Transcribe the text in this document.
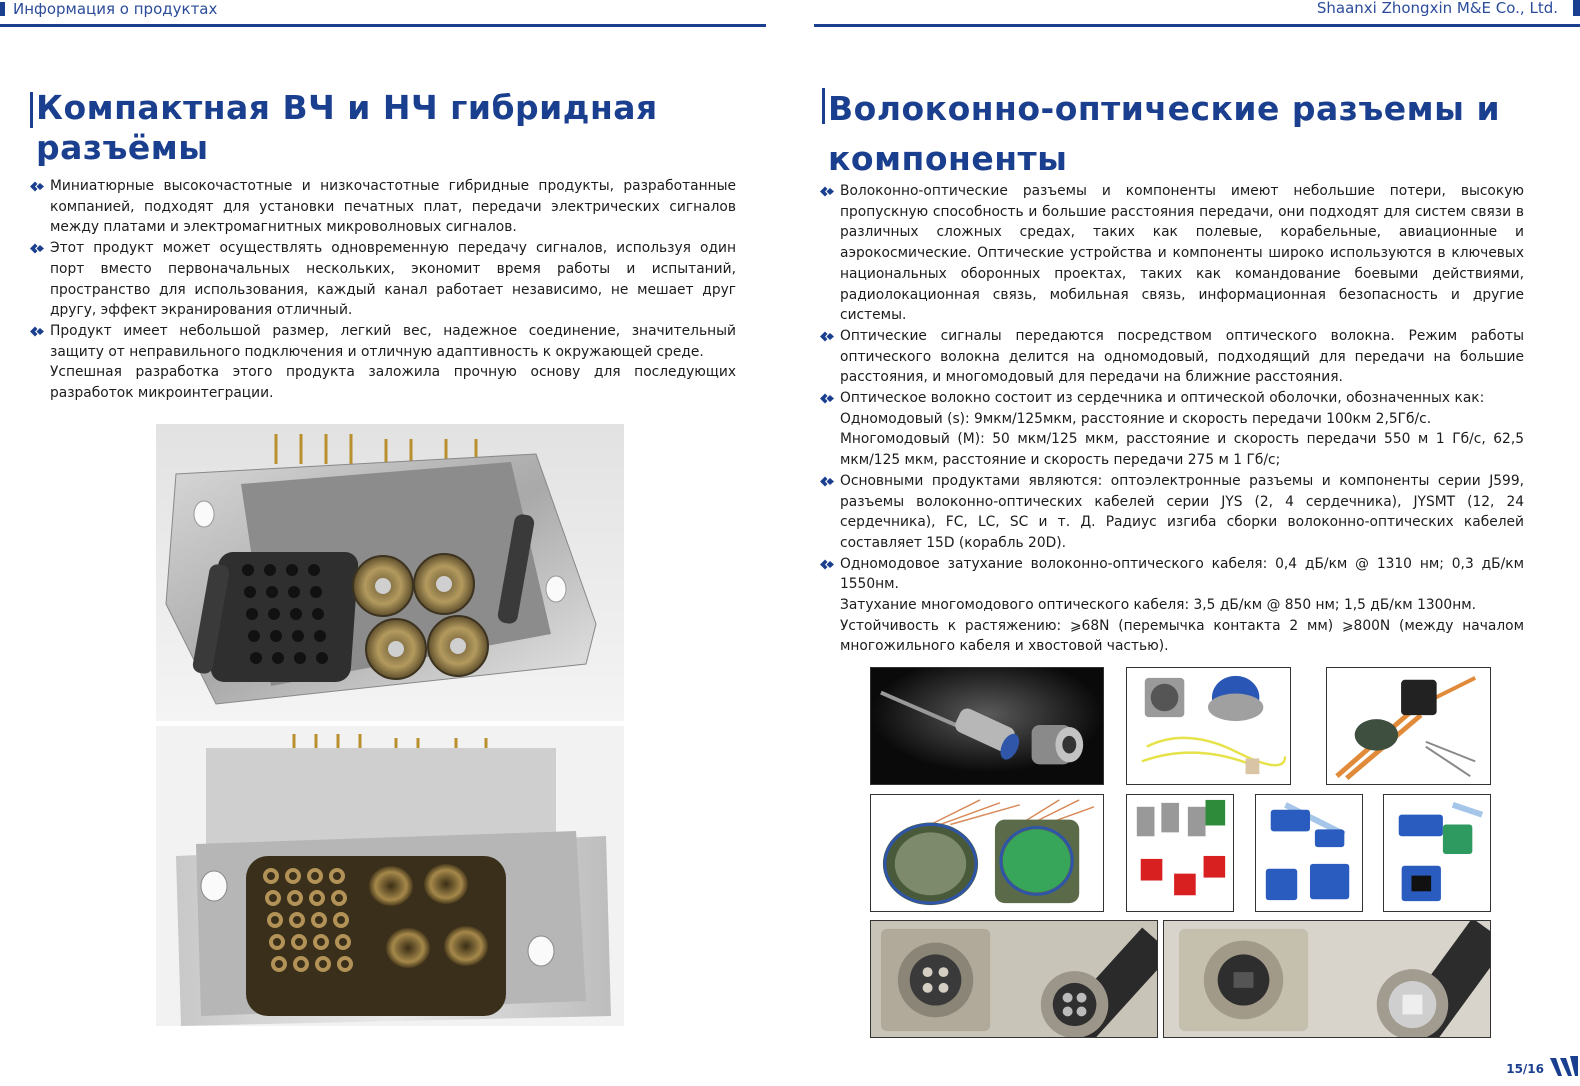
Информация о продуктах	Shaanxi Zhongxin M&E Co., Ltd.
Компактная ВЧ и НЧ гибридная
разъёмы
Миниатюрные высокочастотные и низкочастотные гибридные продукты, разработанные компанией, подходят для установки печатных плат, передачи электрических сигналов между платами и электромагнитных микроволновых сигналов.
Этот продукт может осуществлять одновременную передачу сигналов, используя один порт вместо первоначальных нескольких, экономит время работы и испытаний, пространство для использования, каждый канал работает независимо, не мешает друг другу, эффект экранирования отличный.
Продукт имеет небольшой размер, легкий вес, надежное соединение, значительный защиту от неправильного подключения и отличную адаптивность к окружающей среде.
Успешная разработка этого продукта заложила прочную основу для последующих разработок микроинтеграции.
Волоконно-оптические разъемы и
компоненты
Волоконно-оптические разъемы и компоненты имеют небольшие потери, высокую пропускную способность и большие расстояния передачи, они подходят для систем связи в различных сложных средах, таких как полевые, корабельные, авиационные и аэрокосмические. Оптические устройства и компоненты широко используются в ключевых национальных оборонных проектах, таких как командование боевыми действиями, радиолокационная связь, мобильная связь, информационная безопасность и другие системы.
Оптические сигналы передаются посредством оптического волокна. Режим работы оптического волокна делится на одномодовый, подходящий для передачи на большие расстояния, и многомодовый для передачи на ближние расстояния.
Оптическое волокно состоит из сердечника и оптической оболочки, обозначенных как:
Одномодовый (s): 9мкм/125мкм, расстояние и скорость передачи 100км 2,5Гб/с.
Многомодовый (M): 50 мкм/125 мкм, расстояние и скорость передачи 550 м 1 Гб/с, 62,5 мкм/125 мкм, расстояние и скорость передачи 275 м 1 Гб/с;
Основными продуктами являются: оптоэлектронные разъемы и компоненты серии J599, разъемы волоконно-оптических кабелей серии JYS (2, 4 сердечника), JYSMT (12, 24 сердечника), FC, LC, SC и т. Д. Радиус изгиба сборки волоконно-оптических кабелей составляет 15D (корабль 20D).
Одномодовое затухание волоконно-оптического кабеля: 0,4 дБ/км @ 1310 нм; 0,3 дБ/км 1550нм.
Затухание многомодового оптического кабеля: 3,5 дБ/км @ 850 нм; 1,5 дБ/км 1300нм.
Устойчивость к растяжению: ⩾68N (перемычка контакта 2 мм) ⩾800N (между началом многожильного кабеля и хвостовой частью).
15/16
